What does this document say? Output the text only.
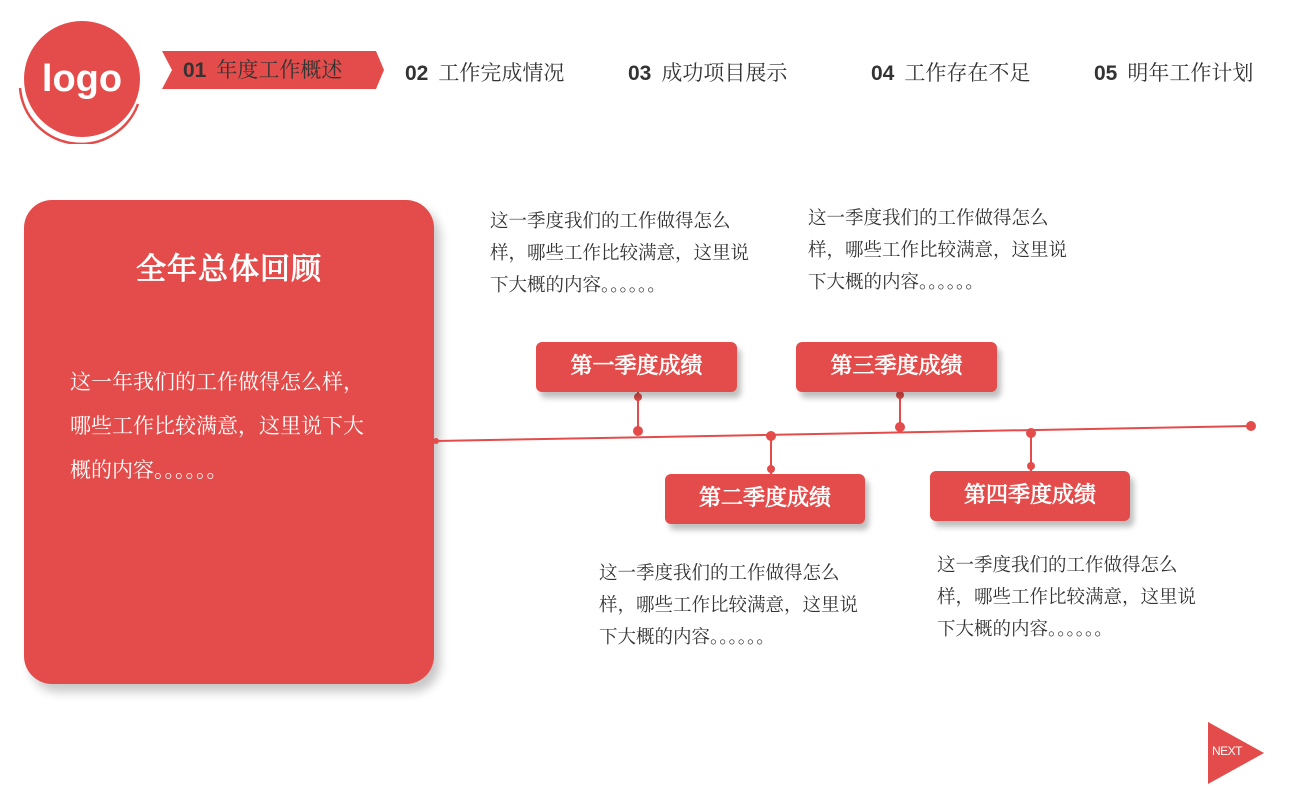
logo	01 年度工作概述	02 工作完成情况	03 成功项目展示	04 工作存在不足	05 明年工作计划
全年总体回顾
这一年我们的工作做得怎么样，哪些工作比较满意，这里说下大概的内容。。。。。。
第一季度成绩
第二季度成绩
第三季度成绩
第四季度成绩
这一季度我们的工作做得怎么样，哪些工作比较满意，这里说下大概的内容。。。。。。
这一季度我们的工作做得怎么样，哪些工作比较满意，这里说下大概的内容。。。。。。
这一季度我们的工作做得怎么样，哪些工作比较满意，这里说下大概的内容。。。。。。
这一季度我们的工作做得怎么样，哪些工作比较满意，这里说下大概的内容。。。。。。
NEXT
